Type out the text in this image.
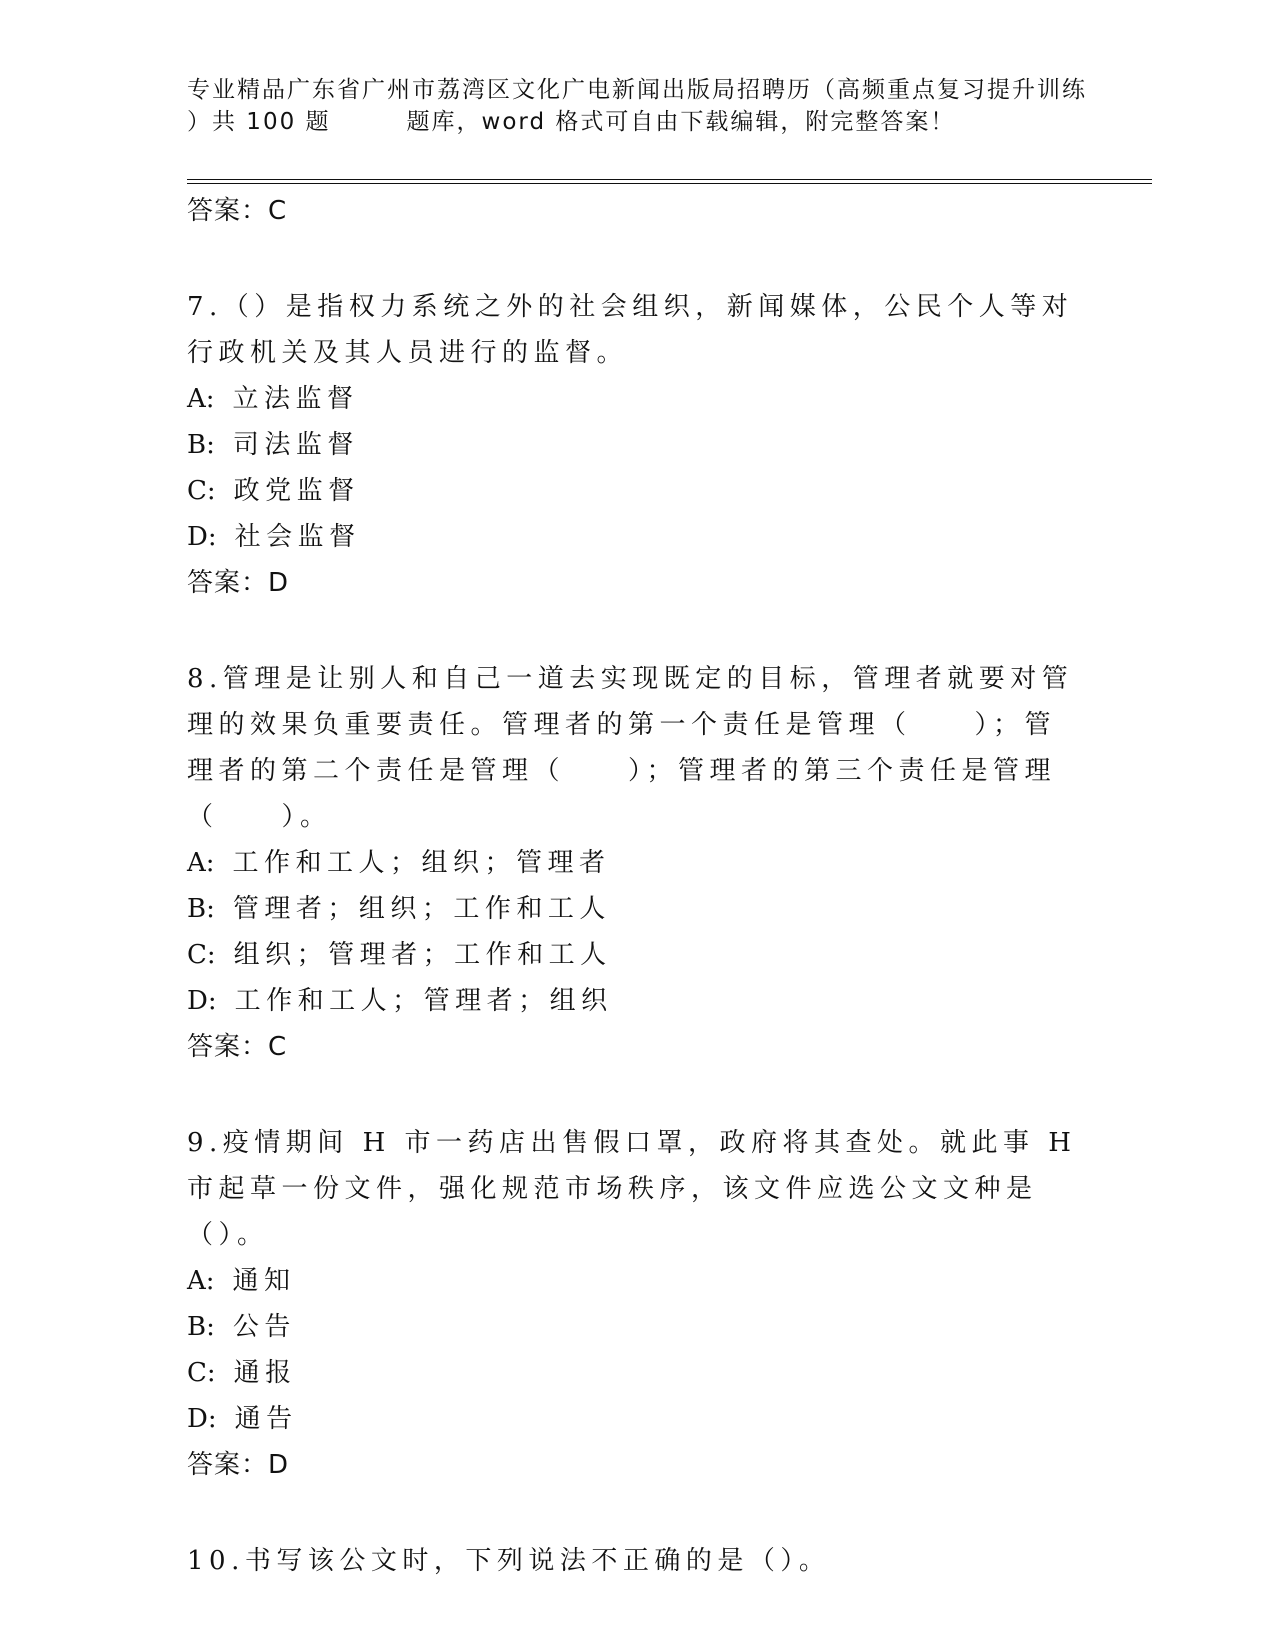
专业精品广东省广州市荔湾区文化广电新闻出版局招聘历（高频重点复习提升训练
）共 100 题	题库，word 格式可自由下载编辑，附完整答案！
答案：C

7.（）是指权力系统之外的社会组织，新闻媒体，公民个人等对行政机关及其人员进行的监督。

A: 立法监督
B: 司法监督
C: 政党监督
D: 社会监督
答案：D

8.管理是让别人和自己一道去实现既定的目标，管理者就要对管理的效果负重要责任。管理者的第一个责任是管理（　　）；管理者的第二个责任是管理（　　）；管理者的第三个责任是管理（　　）。

A: 工作和工人；组织；管理者
B: 管理者；组织；工作和工人
C: 组织；管理者；工作和工人
D: 工作和工人；管理者；组织
答案：C

9.疫情期间 H 市一药店出售假口罩，政府将其查处。就此事 H 市起草一份文件，强化规范市场秩序，该文件应选公文文种是（）。

A: 通知
B: 公告
C: 通报
D: 通告
答案：D

10.书写该公文时，下列说法不正确的是（）。
